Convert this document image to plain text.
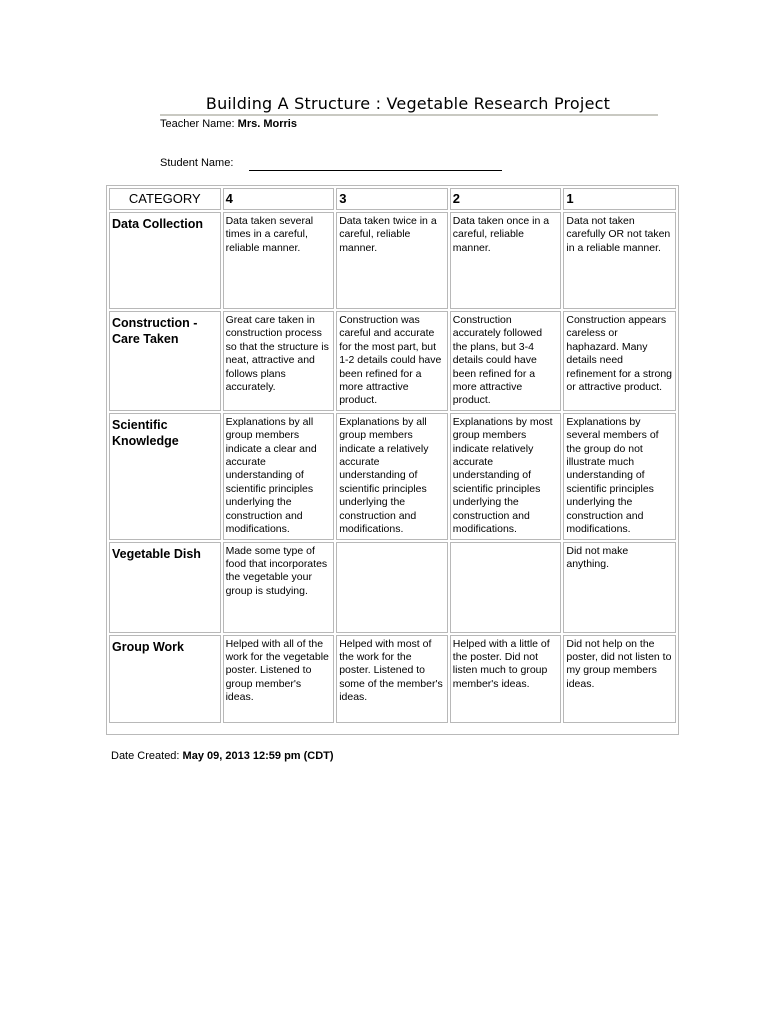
Building A Structure : Vegetable Research Project
Teacher Name: Mrs. Morris
Student Name:
CATEGORY	4	3	2	1
Data Collection	Data taken several times in a careful, reliable manner.	Data taken twice in a careful, reliable manner.	Data taken once in a careful, reliable manner.	Data not taken carefully OR not taken in a reliable manner.
Construction - Care Taken	Great care taken in construction process so that the structure is neat, attractive and follows plans accurately.	Construction was careful and accurate for the most part, but 1-2 details could have been refined for a more attractive product.	Construction accurately followed the plans, but 3-4 details could have been refined for a more attractive product.	Construction appears careless or haphazard. Many details need refinement for a strong or attractive product.
Scientific Knowledge	Explanations by all group members indicate a clear and accurate understanding of scientific principles underlying the construction and modifications.	Explanations by all group members indicate a relatively accurate understanding of scientific principles underlying the construction and modifications.	Explanations by most group members indicate relatively accurate understanding of scientific principles underlying the construction and modifications.	Explanations by several members of the group do not illustrate much understanding of scientific principles underlying the construction and modifications.
Vegetable Dish	Made some type of food that incorporates the vegetable your group is studying.			Did not make anything.
Group Work	Helped with all of the work for the vegetable poster. Listened to group member's ideas.	Helped with most of the work for the poster. Listened to some of the member's ideas.	Helped with a little of the poster. Did not listen much to group member's ideas.	Did not help on the poster, did not listen to my group members ideas.
Date Created: May 09, 2013 12:59 pm (CDT)
